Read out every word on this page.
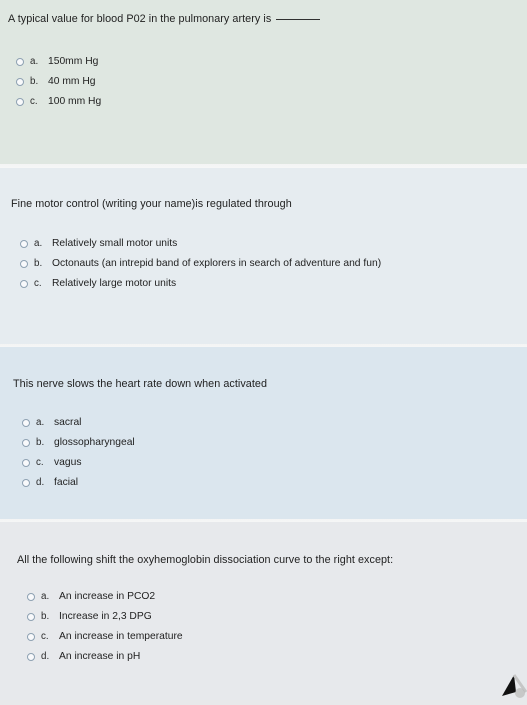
A typical value for blood P02 in the pulmonary artery is
a. 150mm Hg
b. 40 mm Hg
c.	100 mm Hg
Fine motor control (writing your name)is regulated through
a. Relatively small motor units
b. Octonauts (an intrepid band of explorers in search of adventure and fun)
c.	Relatively large motor units
This nerve slows the heart rate down when activated
a. sacral
b. glossopharyngeal
c.	vagus
d. facial
All the following shift the oxyhemoglobin dissociation curve to the right except:
a. An increase in PCO2
b. Increase in 2,3 DPG
c.	An increase in temperature
d. An increase in pH
